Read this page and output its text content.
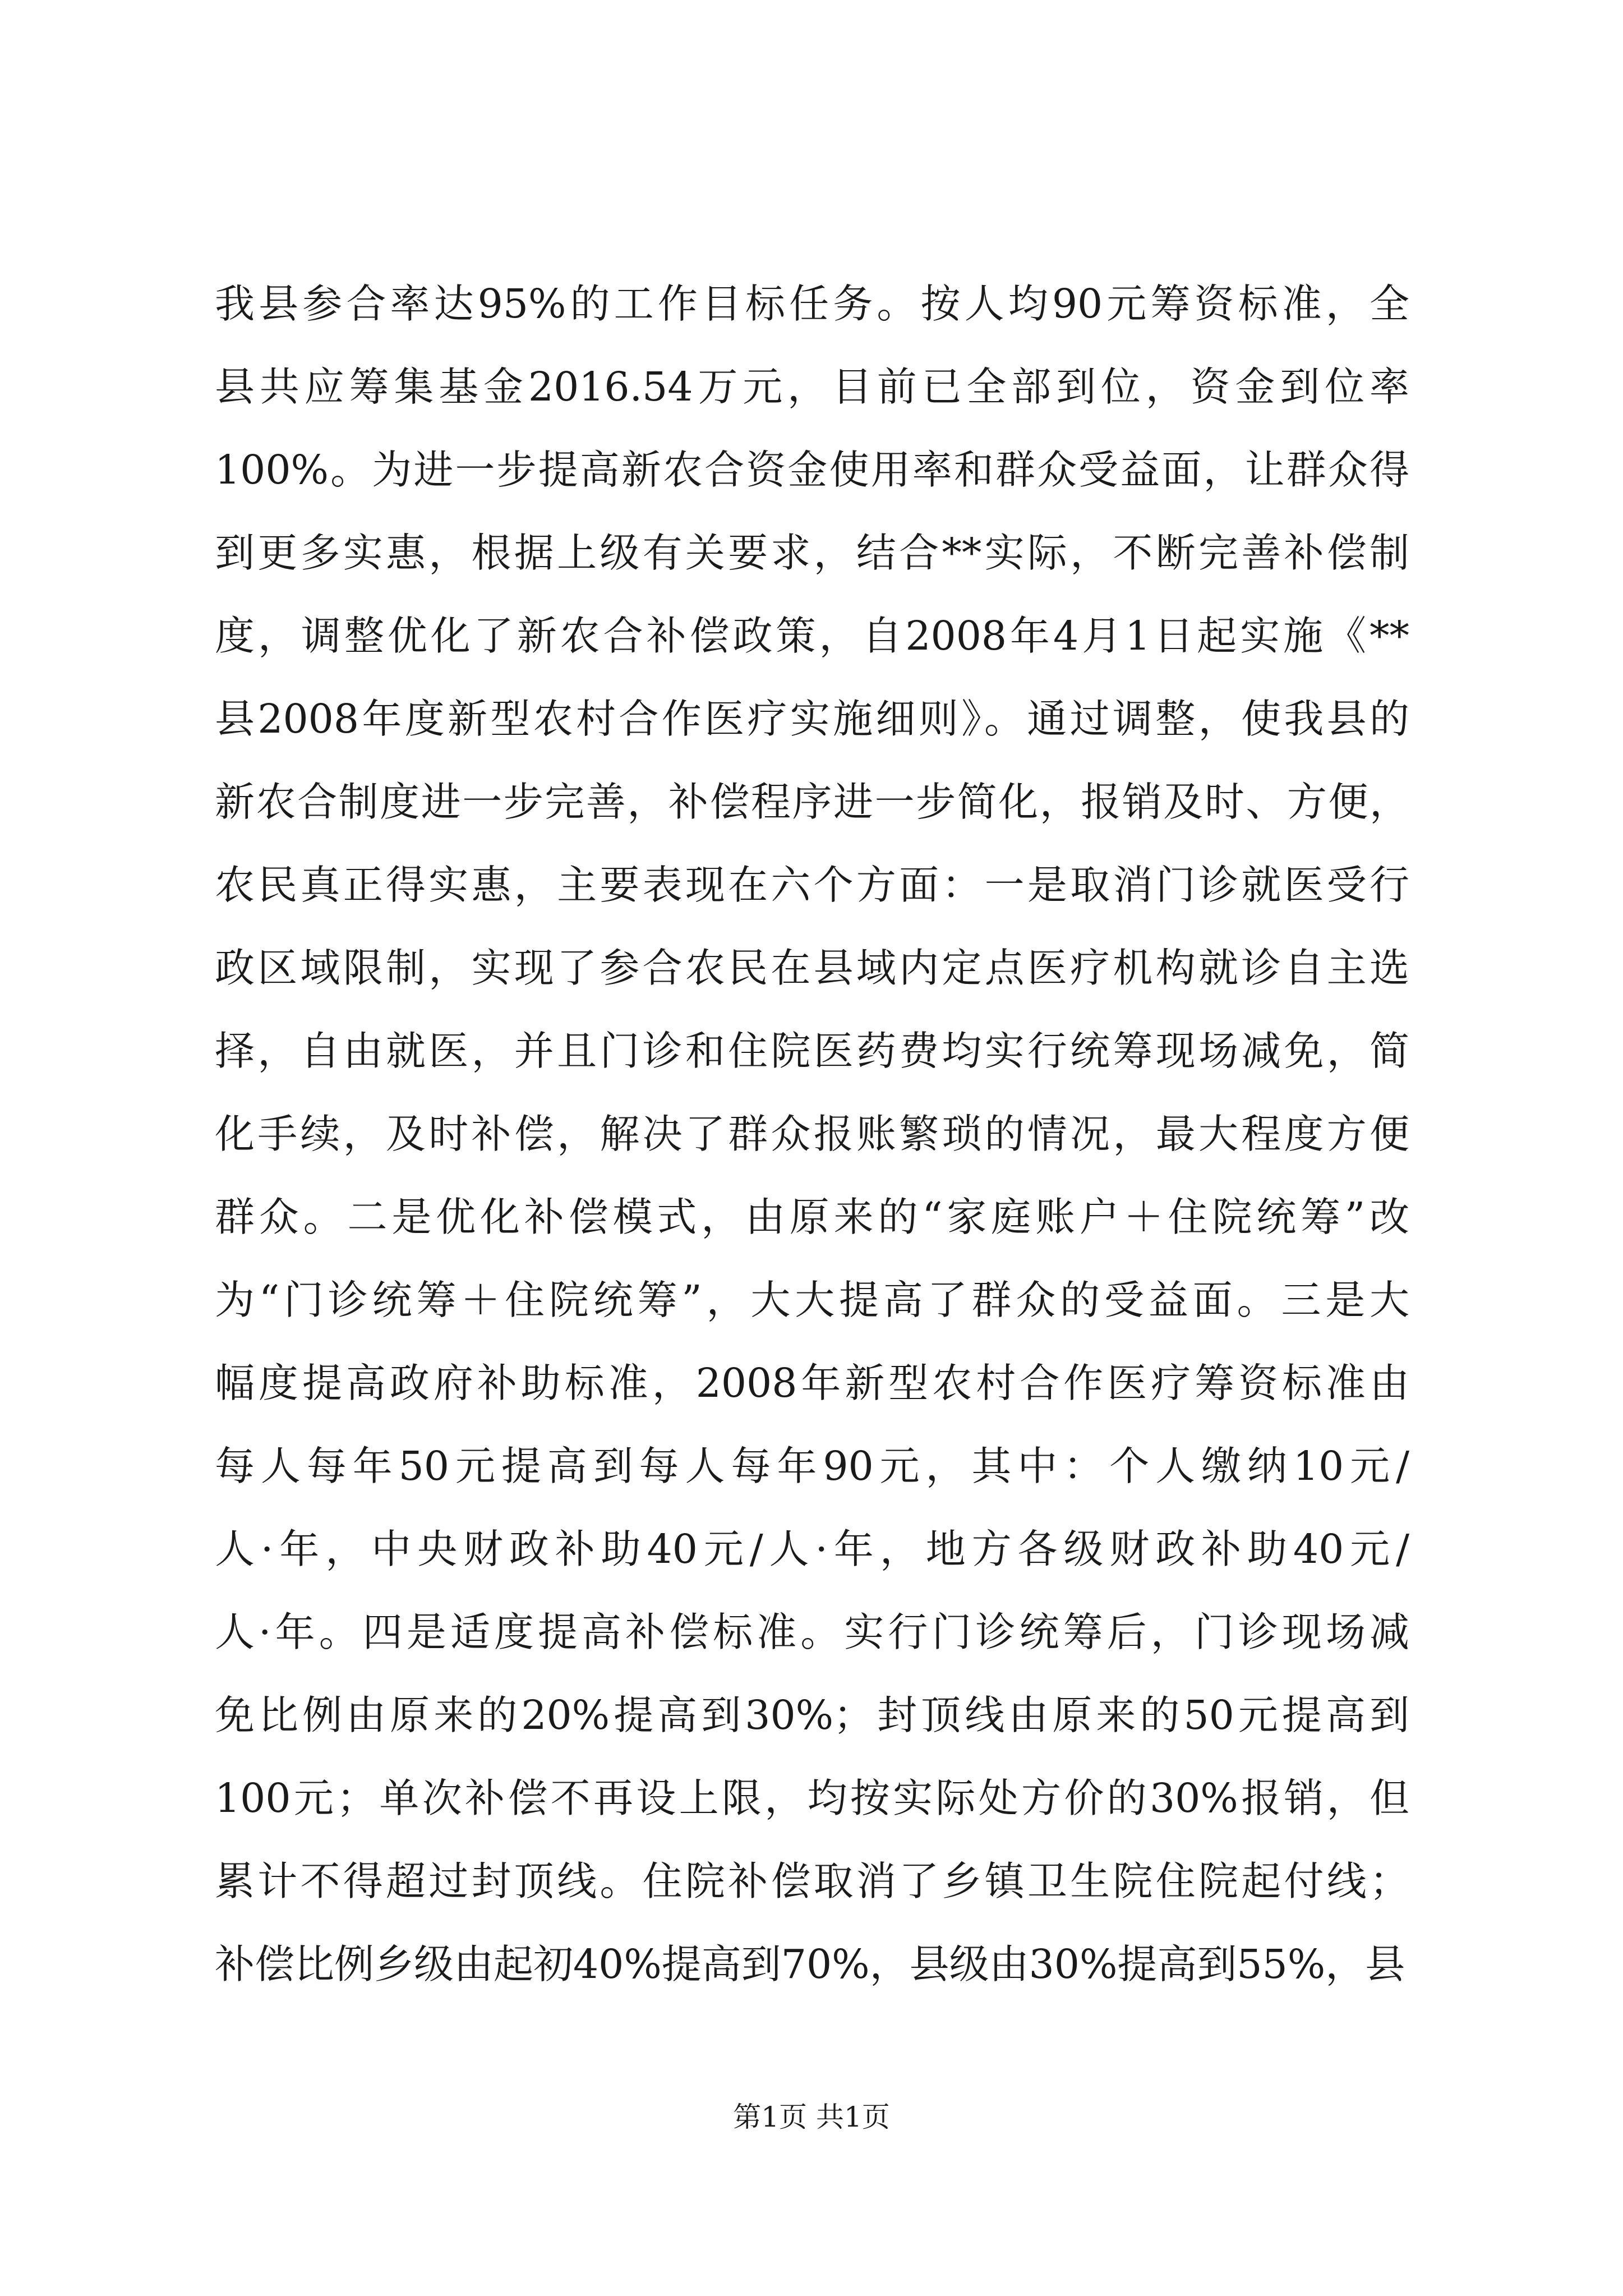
我县参合率达95%的工作目标任务。按人均90元筹资标准，全
县共应筹集基金2016.54万元，目前已全部到位，资金到位率
100%。为进一步提高新农合资金使用率和群众受益面，让群众得
到更多实惠，根据上级有关要求，结合**实际，不断完善补偿制
度，调整优化了新农合补偿政策，自2008年4月1日起实施《**
县2008年度新型农村合作医疗实施细则》。通过调整，使我县的
新农合制度进一步完善，补偿程序进一步简化，报销及时、方便，
农民真正得实惠，主要表现在六个方面：一是取消门诊就医受行
政区域限制，实现了参合农民在县域内定点医疗机构就诊自主选
择，自由就医，并且门诊和住院医药费均实行统筹现场减免，简
化手续，及时补偿，解决了群众报账繁琐的情况，最大程度方便
群众。二是优化补偿模式，由原来的“家庭账户＋住院统筹”改
为“门诊统筹＋住院统筹”，大大提高了群众的受益面。三是大
幅度提高政府补助标准，2008年新型农村合作医疗筹资标准由
每人每年50元提高到每人每年90元，其中：个人缴纳10元/
人·年，中央财政补助40元/人·年，地方各级财政补助40元/
人·年。四是适度提高补偿标准。实行门诊统筹后，门诊现场减
免比例由原来的20%提高到30%；封顶线由原来的50元提高到
100元；单次补偿不再设上限，均按实际处方价的30%报销，但
累计不得超过封顶线。住院补偿取消了乡镇卫生院住院起付线；
补偿比例乡级由起初40%提高到70%，县级由30%提高到55%，县
第1页 共1页
